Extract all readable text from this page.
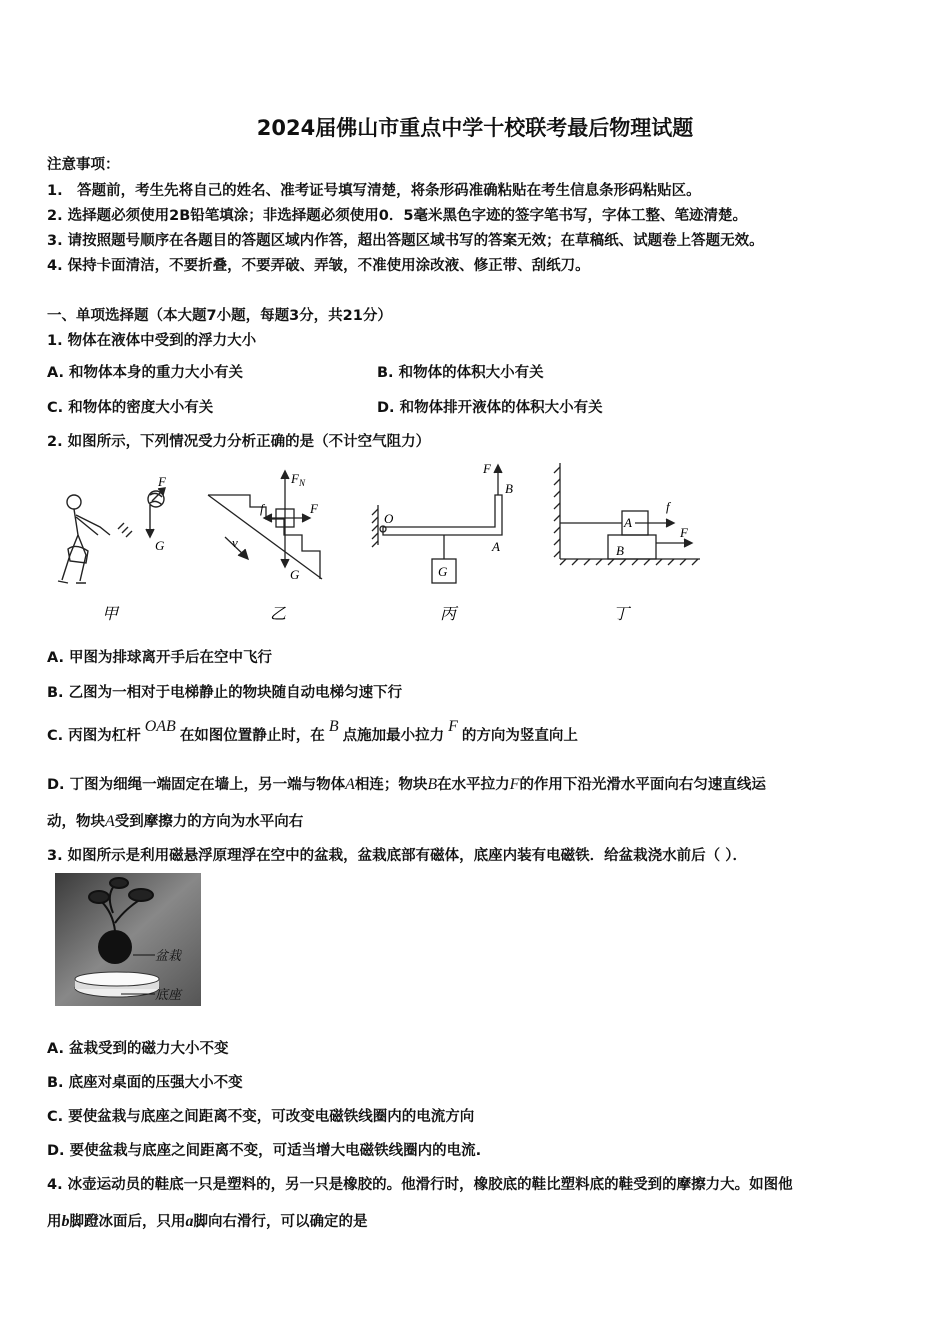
2024届佛山市重点中学十校联考最后物理试题
注意事项：
1.　答题前，考生先将自己的姓名、准考证号填写清楚，将条形码准确粘贴在考生信息条形码粘贴区。
2. 选择题必须使用2B铅笔填涂；非选择题必须使用0．5毫米黑色字迹的签字笔书写，字体工整、笔迹清楚。
3. 请按照题号顺序在各题目的答题区域内作答，超出答题区域书写的答案无效；在草稿纸、试题卷上答题无效。
4. 保持卡面清洁，不要折叠，不要弄破、弄皱，不准使用涂改液、修正带、刮纸刀。
一、单项选择题（本大题7小题，每题3分，共21分）
1. 物体在液体中受到的浮力大小
A. 和物体本身的重力大小有关	B. 和物体的体积大小有关
C. 和物体的密度大小有关	D. 和物体排开液体的体积大小有关
2. 如图所示，下列情况受力分析正确的是（不计空气阻力）
F
G
$F_N$
f	F
G
v
O
B
F
A
G
A
B
f
F
甲	乙	丙	丁
A. 甲图为排球离开手后在空中飞行
B. 乙图为一相对于电梯静止的物块随自动电梯匀速下行
C. 丙图为杠杆OAB在如图位置静止时，在B点施加最小拉力F的方向为竖直向上
D. 丁图为细绳一端固定在墙上，另一端与物体A相连；物块B在水平拉力F的作用下沿光滑水平面向右匀速直线运
动，物块A受到摩擦力的方向为水平向右
3. 如图所示是利用磁悬浮原理浮在空中的盆栽，盆栽底部有磁体，底座内装有电磁铁．给盆栽浇水前后（ ）．
盆栽
底座
A. 盆栽受到的磁力大小不变
B. 底座对桌面的压强大小不变
C. 要使盆栽与底座之间距离不变，可改变电磁铁线圈内的电流方向
D. 要使盆栽与底座之间距离不变，可适当增大电磁铁线圈内的电流.
4. 冰壶运动员的鞋底一只是塑料的，另一只是橡胶的。他滑行时，橡胶底的鞋比塑料底的鞋受到的摩擦力大。如图他
用b脚蹬冰面后，只用a脚向右滑行，可以确定的是
